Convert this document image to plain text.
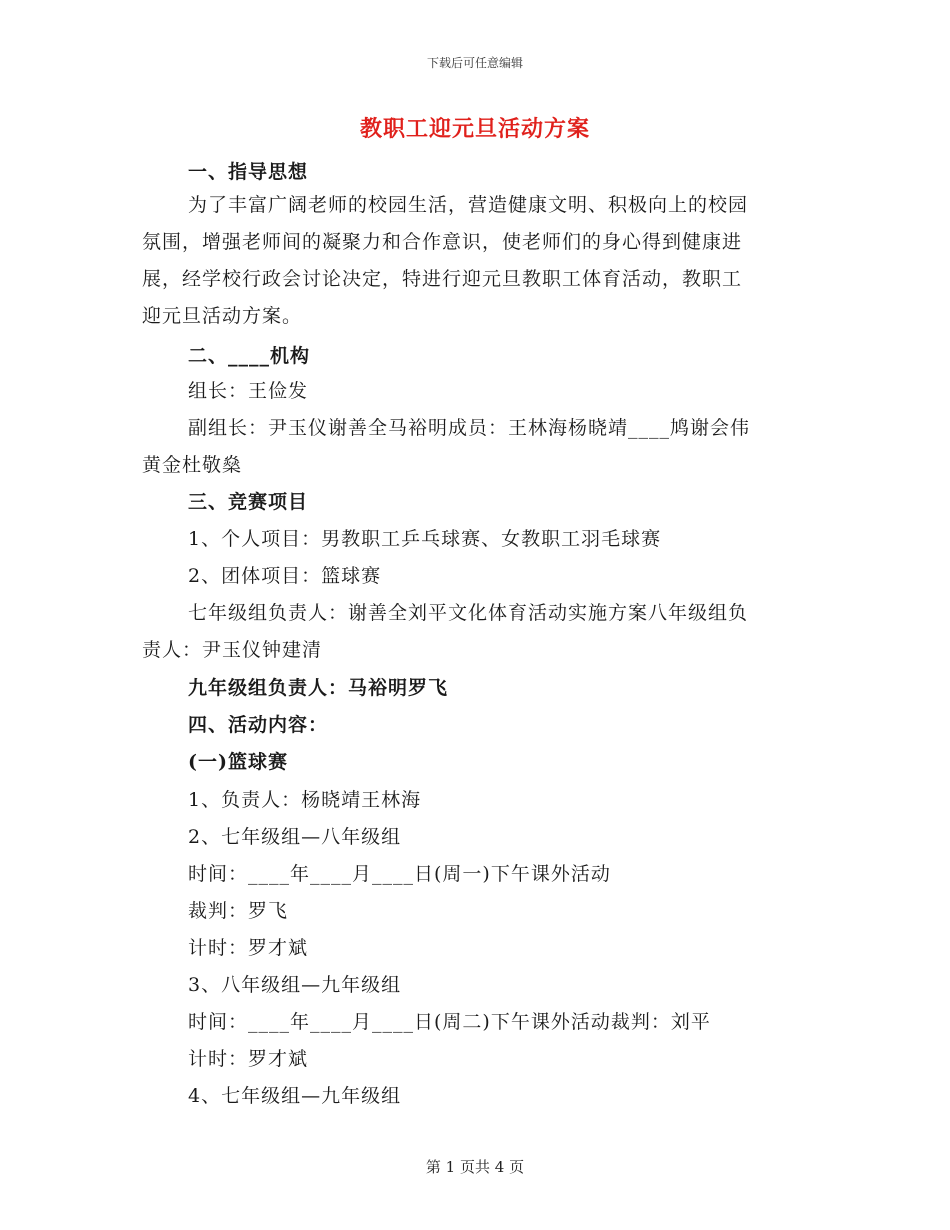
下载后可任意编辑
教职工迎元旦活动方案
一、指导思想
为了丰富广阔老师的校园生活，营造健康文明、积极向上的校园
氛围，增强老师间的凝聚力和合作意识，使老师们的身心得到健康进
展，经学校行政会讨论决定，特进行迎元旦教职工体育活动，教职工
迎元旦活动方案。
二、____机构
组长：王俭发
副组长：尹玉仪谢善全马裕明成员：王林海杨晓靖____鸠谢会伟
黄金杜敬燊
三、竞赛项目
1、个人项目：男教职工乒乓球赛、女教职工羽毛球赛
2、团体项目：篮球赛
七年级组负责人：谢善全刘平文化体育活动实施方案八年级组负
责人：尹玉仪钟建清
九年级组负责人：马裕明罗飞
四、活动内容：
(一)篮球赛
1、负责人：杨晓靖王林海
2、七年级组—八年级组
时间：____年____月____日(周一)下午课外活动
裁判：罗飞
计时：罗才斌
3、八年级组—九年级组
时间：____年____月____日(周二)下午课外活动裁判：刘平
计时：罗才斌
4、七年级组—九年级组
第 1 页共 4 页
